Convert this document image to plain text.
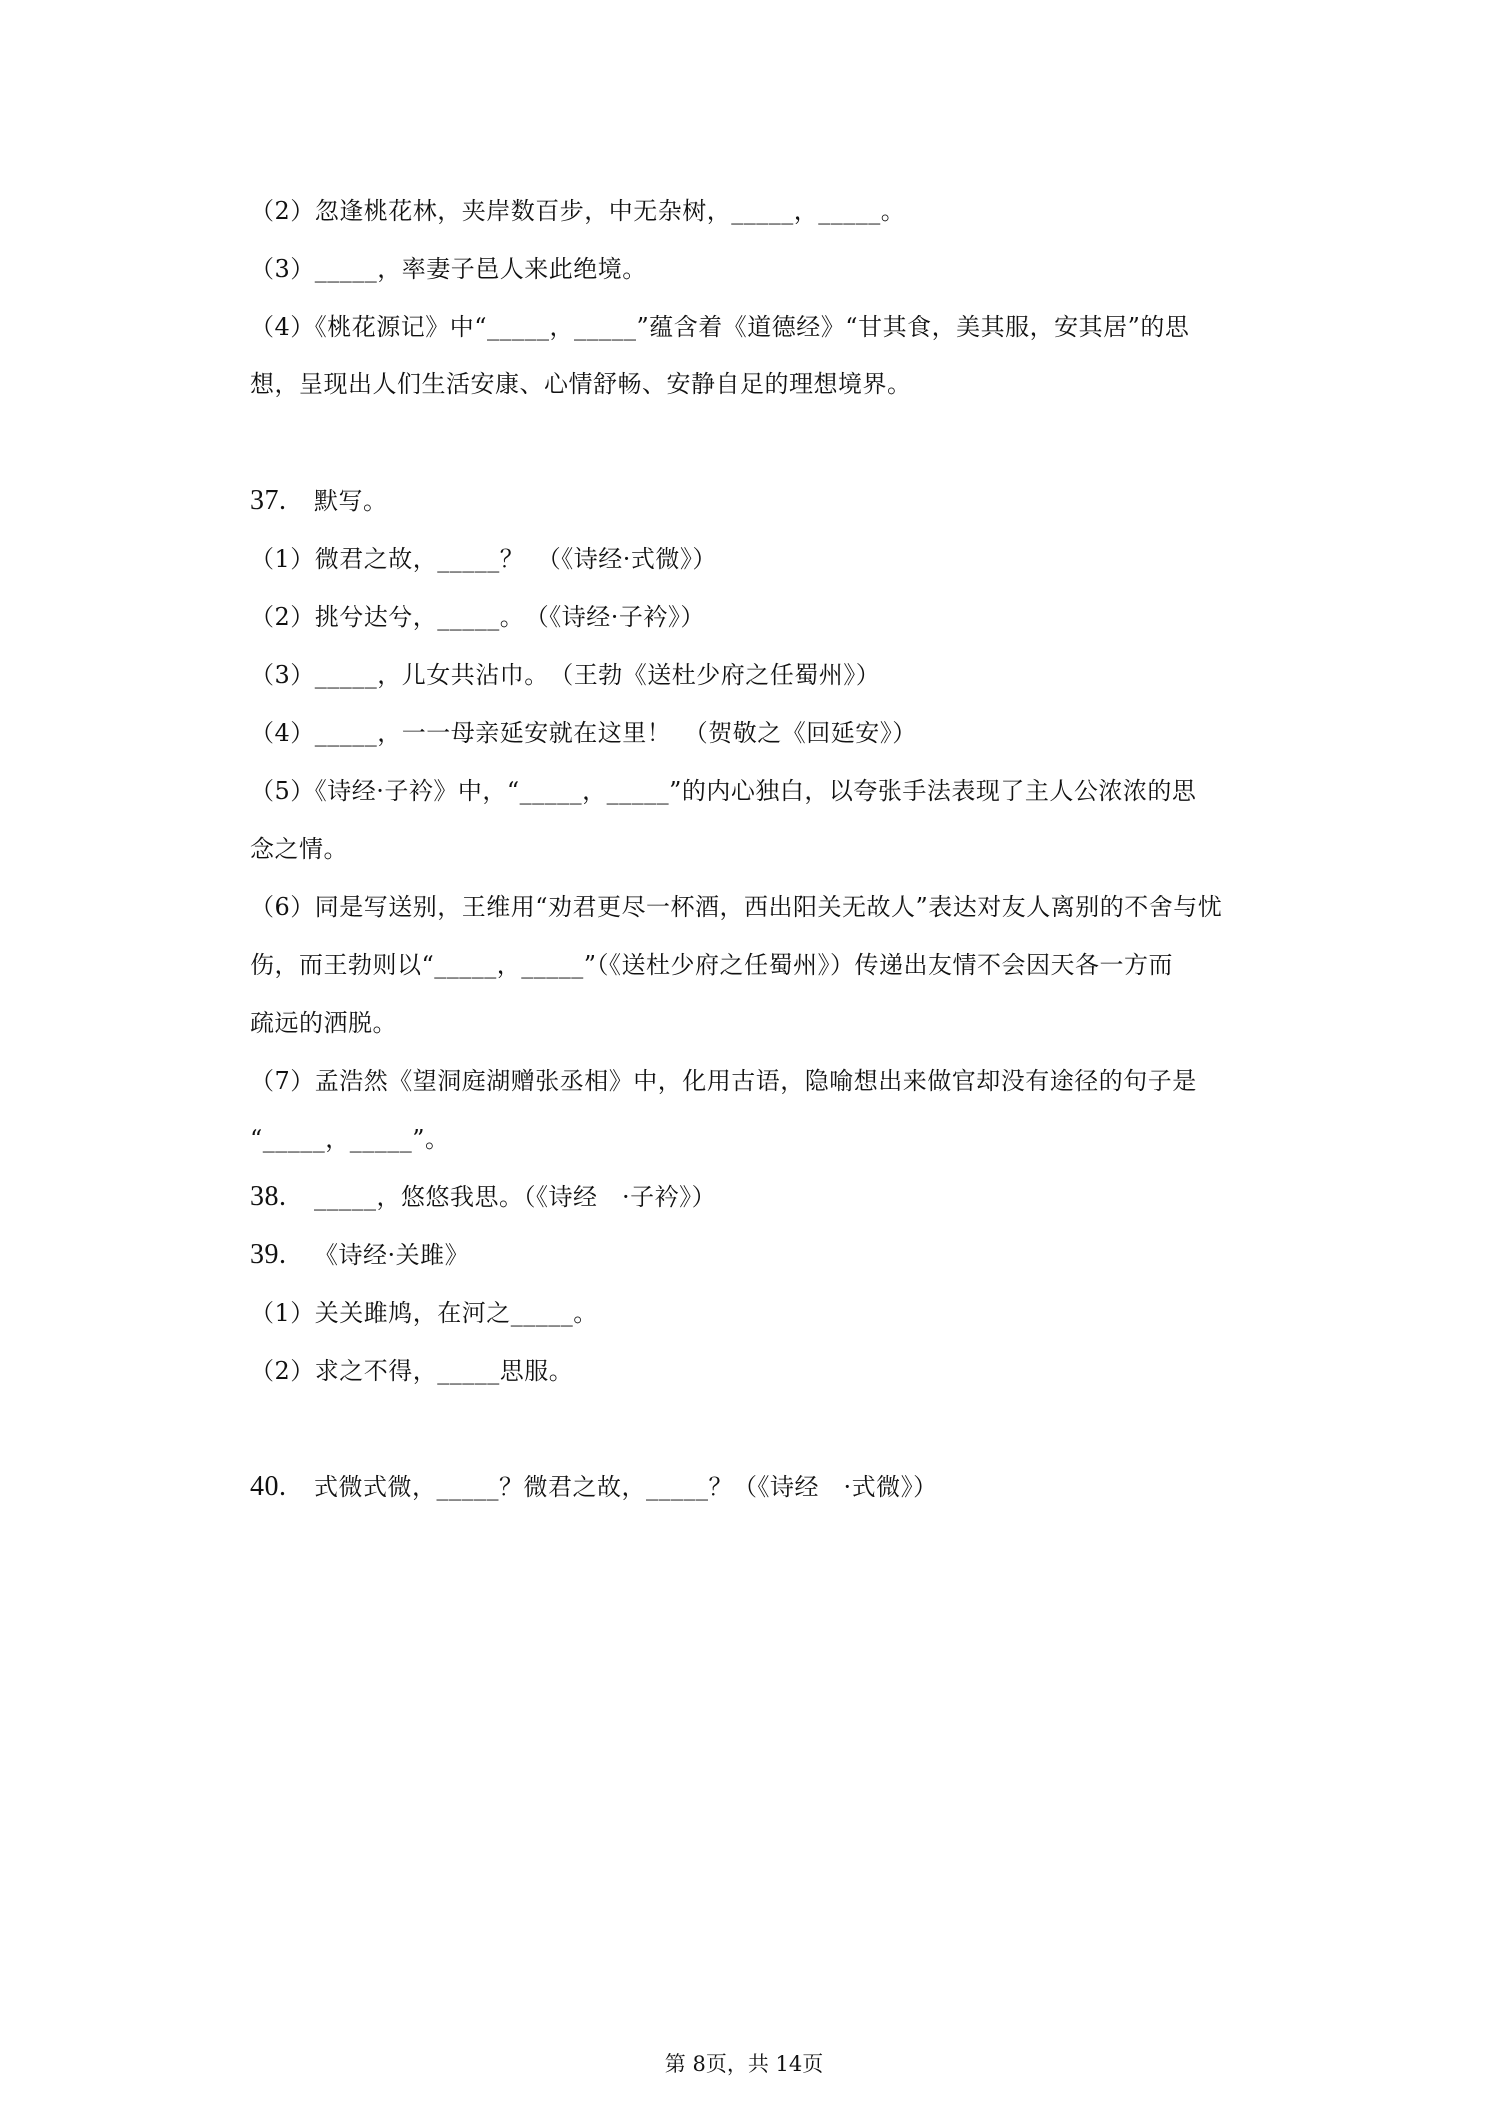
（2）忽逢桃花林，夹岸数百步，中无杂树，_____，_____。
（3）_____，率妻子邑人来此绝境。
（4）《桃花源记》中“_____，_____”蕴含着《道德经》“甘其食，美其服，安其居”的思
想，呈现出人们生活安康、心情舒畅、安静自足的理想境界。
37. 默写。
（1）微君之故，_____？　（《诗经·式微》）
（2）挑兮达兮，_____。　（《诗经·子衿》）
（3）_____，儿女共沾巾。　（王勃《送杜少府之任蜀州》）
（4）_____，一一母亲延安就在这里！　（贺敬之《回延安》）
（5）《诗经·子衿》中，“_____，_____”的内心独白，以夸张手法表现了主人公浓浓的思
念之情。
（6）同是写送别，王维用“劝君更尽一杯酒，西出阳关无故人”表达对友人离别的不舍与忧
伤，而王勃则以“_____，_____”（《送杜少府之任蜀州》）传递出友情不会因天各一方而
疏远的洒脱。
（7）孟浩然《望洞庭湖赠张丞相》中，化用古语，隐喻想出来做官却没有途径的句子是
“_____，_____”。
38. _____，悠悠我思。（《诗经　·子衿》）
39. 《诗经·关雎》
（1）关关雎鸠，在河之_____。
（2）求之不得，_____思服。
40. 式微式微，_____？微君之故，_____？（《诗经　·式微》）
第 8页，共 14页
